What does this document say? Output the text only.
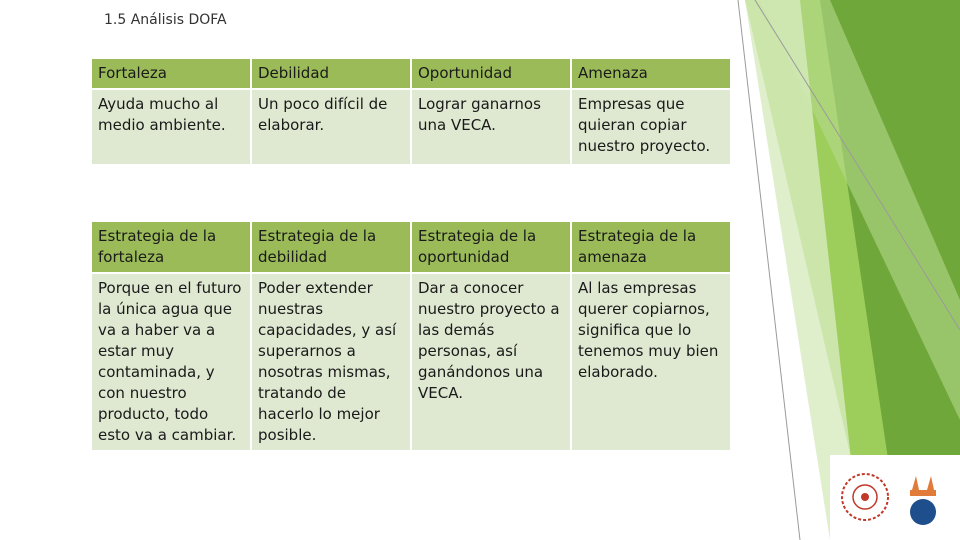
1.5 Análisis DOFA
Fortaleza	Debilidad	Oportunidad	Amenaza
Ayuda mucho al medio ambiente.	Un poco difícil de elaborar.	Lograr ganarnos una VECA.	Empresas que quieran copiar nuestro proyecto.

Estrategia de la fortaleza	Estrategia de la debilidad	Estrategia de la oportunidad	Estrategia de la amenaza
Porque en el futuro la única agua que va a haber va a estar muy contaminada, y con nuestro producto, todo esto va a cambiar.	Poder extender nuestras capacidades, y así superarnos a nosotras mismas, tratando de hacerlo lo mejor posible.	Dar a conocer nuestro proyecto a las demás personas, así ganándonos una VECA.	Al las empresas querer copiarnos, significa que lo tenemos muy bien elaborado.
